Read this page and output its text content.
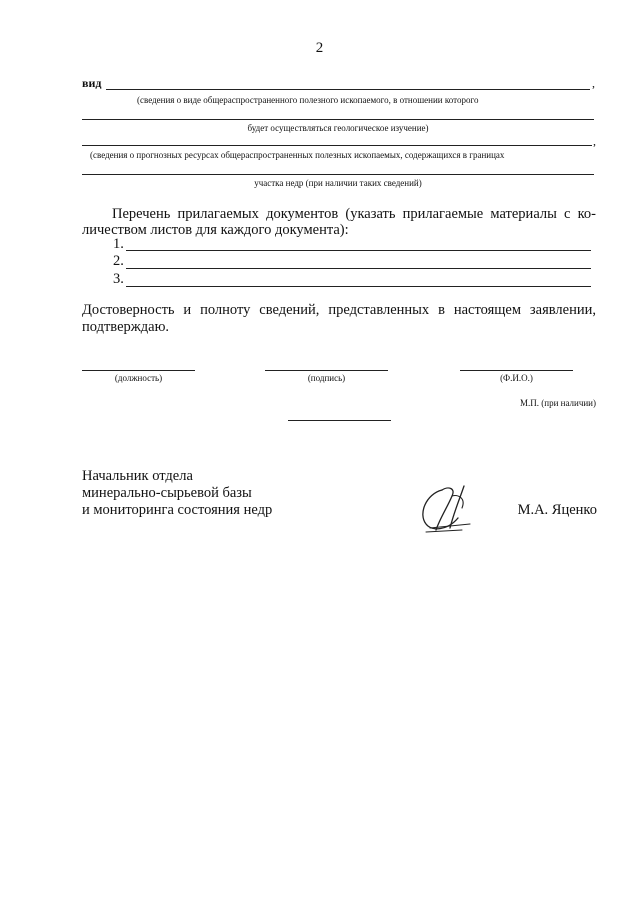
2
вид	,
(сведения о виде общераспространенного полезного ископаемого, в отношении которого
будет осуществляться геологическое изучение)
,
(сведения о прогнозных ресурсах общераспространенных полезных ископаемых, содержащихся в границах
участка недр (при наличии таких сведений)
Перечень прилагаемых документов (указать прилагаемые материалы с ко-
личеством листов для каждого документа):
1.
2.
3.
Достоверность и полноту сведений, представленных в настоящем заявлении,
подтверждаю.
(должность)	(подпись)	(Ф.И.О.)
М.П. (при наличии)
Начальник отдела
минерально-сырьевой базы
и мониторинга состояния недр	М.А. Яценко
